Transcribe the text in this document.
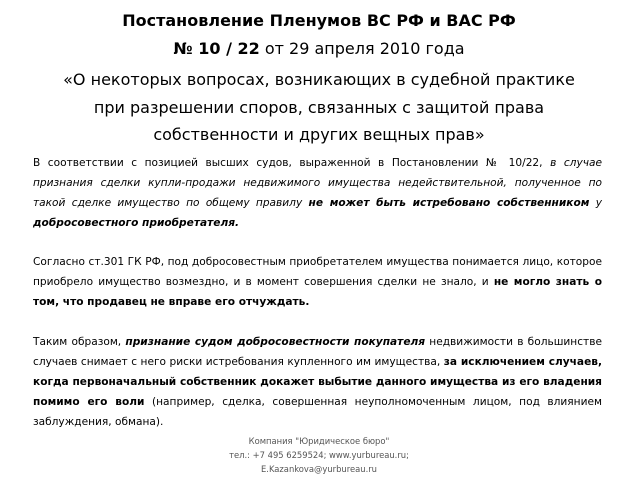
Постановление Пленумов ВС РФ и ВАС РФ
№ 10 / 22 от 29 апреля 2010 года
«О некоторых вопросах, возникающих в судебной практике
при разрешении споров, связанных с защитой права
собственности и других вещных прав»
В соответствии с позицией высших судов, выраженной в Постановлении № 10/22, в случае признания сделки купли-продажи недвижимого имущества недействительной, полученное по такой сделке имущество по общему правилу не может быть истребовано собственником у добросовестного приобретателя.
Согласно ст.301 ГК РФ, под добросовестным приобретателем имущества понимается лицо, которое приобрело имущество возмездно, и в момент совершения сделки не знало, и не могло знать о том, что продавец не вправе его отчуждать.
Таким образом, признание судом добросовестности покупателя недвижимости в большинстве случаев снимает с него риски истребования купленного им имущества, за исключением случаев, когда первоначальный собственник докажет выбытие данного имущества из его владения помимо его воли (например, сделка, совершенная неуполномоченным лицом, под влиянием заблуждения, обмана).
Компания "Юридическое бюро"
тел.: +7 495 6259524; www.yurbureau.ru;
E.Kazankova@yurbureau.ru
